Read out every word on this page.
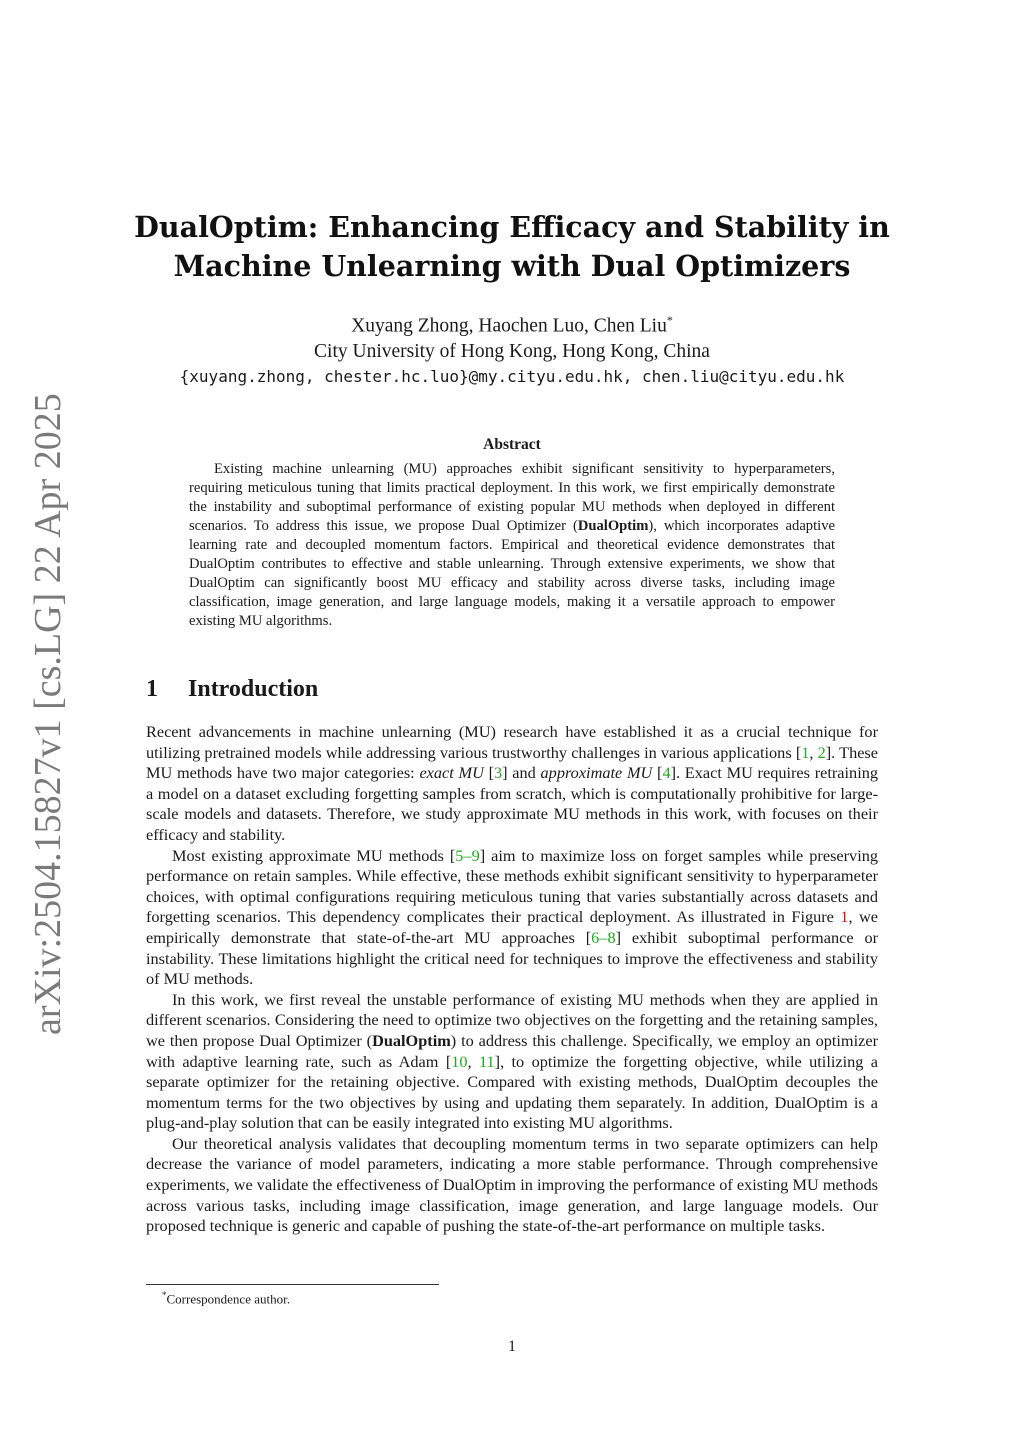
arXiv:2504.15827v1 [cs.LG] 22 Apr 2025
DualOptim: Enhancing Efficacy and Stability in
Machine Unlearning with Dual Optimizers
Xuyang Zhong, Haochen Luo, Chen Liu*
City University of Hong Kong, Hong Kong, China
{xuyang.zhong, chester.hc.luo}@my.cityu.edu.hk, chen.liu@cityu.edu.hk
Abstract
Existing machine unlearning (MU) approaches exhibit significant sensitivity to hyperparameters, requiring meticulous tuning that limits practical deployment. In this work, we first empirically demonstrate the instability and suboptimal performance of existing popular MU methods when deployed in different scenarios. To address this issue, we propose Dual Optimizer (DualOptim), which incorporates adaptive learning rate and decoupled momentum factors. Empirical and theoretical evidence demonstrates that DualOptim contributes to effective and stable unlearning. Through extensive experiments, we show that DualOptim can significantly boost MU efficacy and stability across diverse tasks, including image classification, image generation, and large language models, making it a versatile approach to empower existing MU algorithms.
1 Introduction

Recent advancements in machine unlearning (MU) research have established it as a crucial technique for utilizing pretrained models while addressing various trustworthy challenges in various applications [1, 2]. These MU methods have two major categories: exact MU [3] and approximate MU [4]. Exact MU requires retraining a model on a dataset excluding forgetting samples from scratch, which is computationally prohibitive for large-scale models and datasets. Therefore, we study approximate MU methods in this work, with focuses on their efficacy and stability.

Most existing approximate MU methods [5–9] aim to maximize loss on forget samples while preserving performance on retain samples. While effective, these methods exhibit significant sensitivity to hyperparameter choices, with optimal configurations requiring meticulous tuning that varies substantially across datasets and forgetting scenarios. This dependency complicates their practical deployment. As illustrated in Figure 1, we empirically demonstrate that state-of-the-art MU approaches [6–8] exhibit suboptimal performance or instability. These limitations highlight the critical need for techniques to improve the effectiveness and stability of MU methods.

In this work, we first reveal the unstable performance of existing MU methods when they are applied in different scenarios. Considering the need to optimize two objectives on the forgetting and the retaining samples, we then propose Dual Optimizer (DualOptim) to address this challenge. Specifically, we employ an optimizer with adaptive learning rate, such as Adam [10, 11], to optimize the forgetting objective, while utilizing a separate optimizer for the retaining objective. Compared with existing methods, DualOptim decouples the momentum terms for the two objectives by using and updating them separately. In addition, DualOptim is a plug-and-play solution that can be easily integrated into existing MU algorithms.

Our theoretical analysis validates that decoupling momentum terms in two separate optimizers can help decrease the variance of model parameters, indicating a more stable performance. Through comprehensive experiments, we validate the effectiveness of DualOptim in improving the performance of existing MU methods across various tasks, including image classification, image generation, and large language models. Our proposed technique is generic and capable of pushing the state-of-the-art performance on multiple tasks.

*Correspondence author.
1
